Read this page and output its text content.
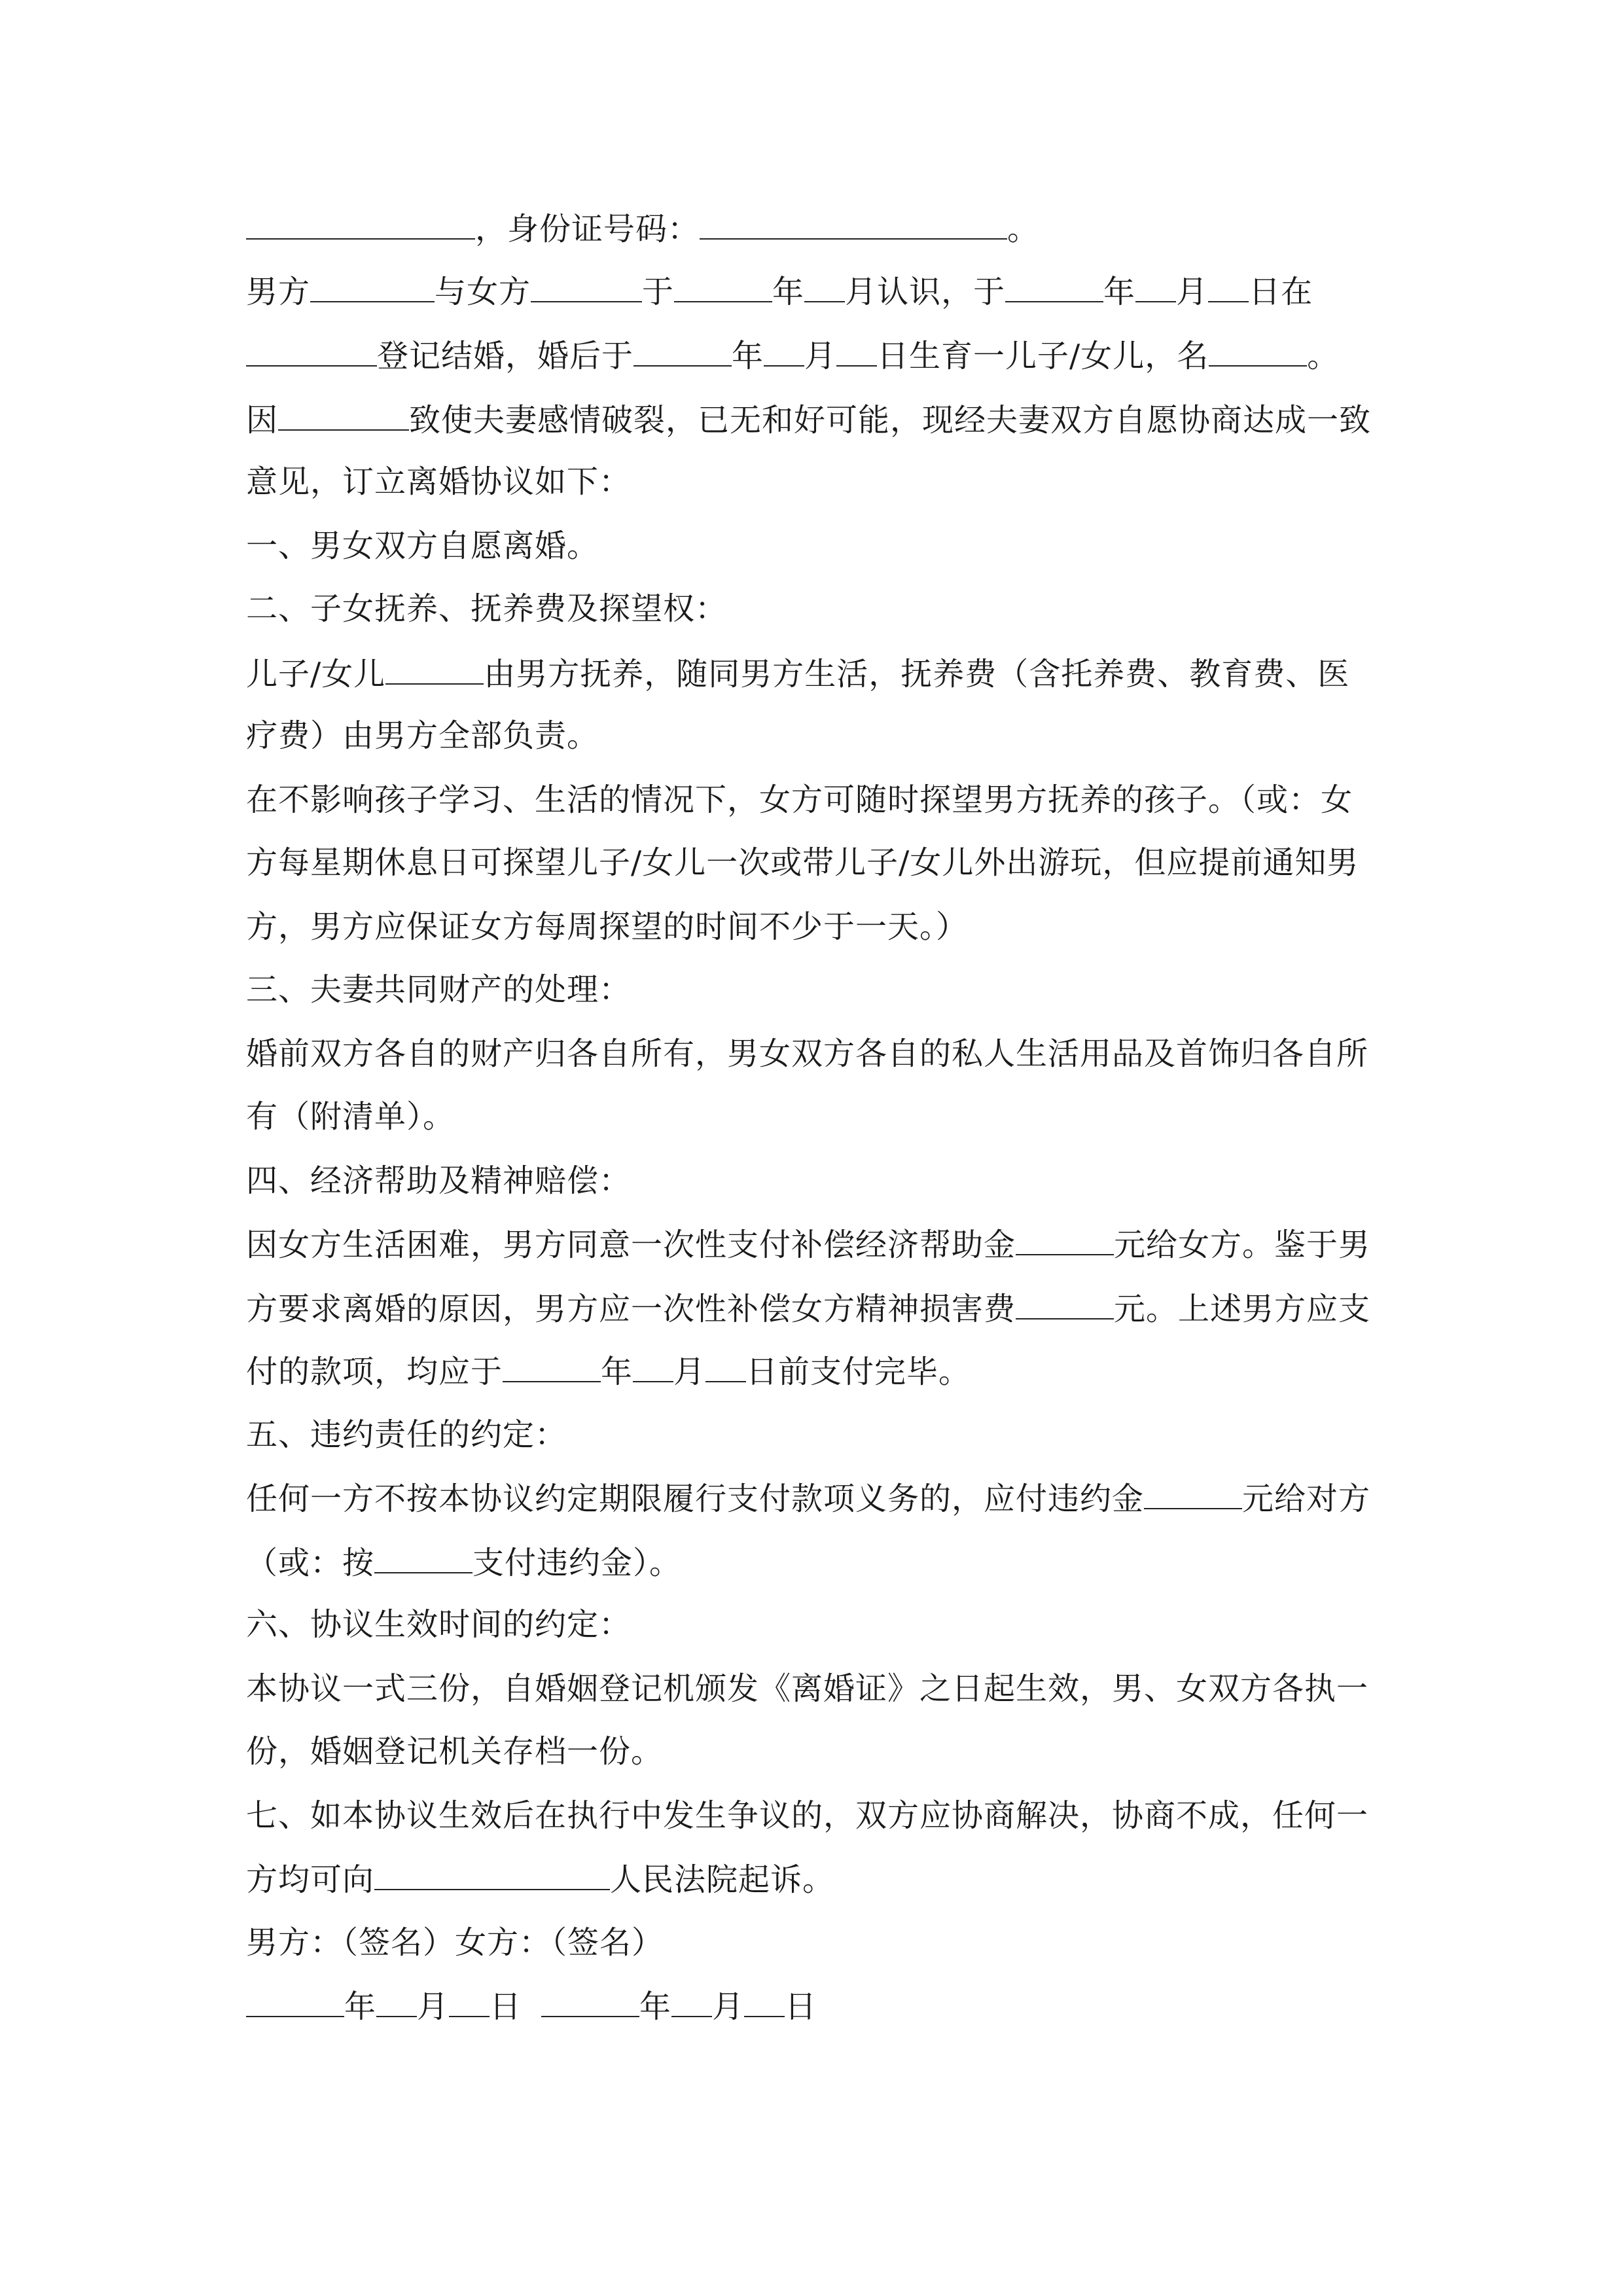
，身份证号码：	。
男方	与女方	于	年 月认识，于	年 月 日在
登记结婚，婚后于	年 月 日生育一儿子/女儿，名	。
因	致使夫妻感情破裂，已无和好可能，现经夫妻双方自愿协商达成一致
意见，订立离婚协议如下：
一、男女双方自愿离婚。
二、子女抚养、抚养费及探望权：
儿子/女儿	由男方抚养，随同男方生活，抚养费（含托养费、教育费、医
疗费）由男方全部负责。
在不影响孩子学习、生活的情况下，女方可随时探望男方抚养的孩子。（或：女
方每星期休息日可探望儿子/女儿一次或带儿子/女儿外出游玩，但应提前通知男
方，男方应保证女方每周探望的时间不少于一天。）
三、夫妻共同财产的处理：
婚前双方各自的财产归各自所有，男女双方各自的私人生活用品及首饰归各自所
有（附清单）。
四、经济帮助及精神赔偿：
因女方生活困难，男方同意一次性支付补偿经济帮助金	元给女方。鉴于男
方要求离婚的原因，男方应一次性补偿女方精神损害费	元。上述男方应支
付的款项，均应于	年 月 日前支付完毕。
五、违约责任的约定：
任何一方不按本协议约定期限履行支付款项义务的，应付违约金	元给对方
（或：按	支付违约金）。
六、协议生效时间的约定：
本协议一式三份，自婚姻登记机颁发《离婚证》之日起生效，男、女双方各执一
份，婚姻登记机关存档一份。
七、如本协议生效后在执行中发生争议的，双方应协商解决，协商不成，任何一
方均可向	人民法院起诉。
男方：（签名）女方：（签名）
年 月 日	年 月 日
